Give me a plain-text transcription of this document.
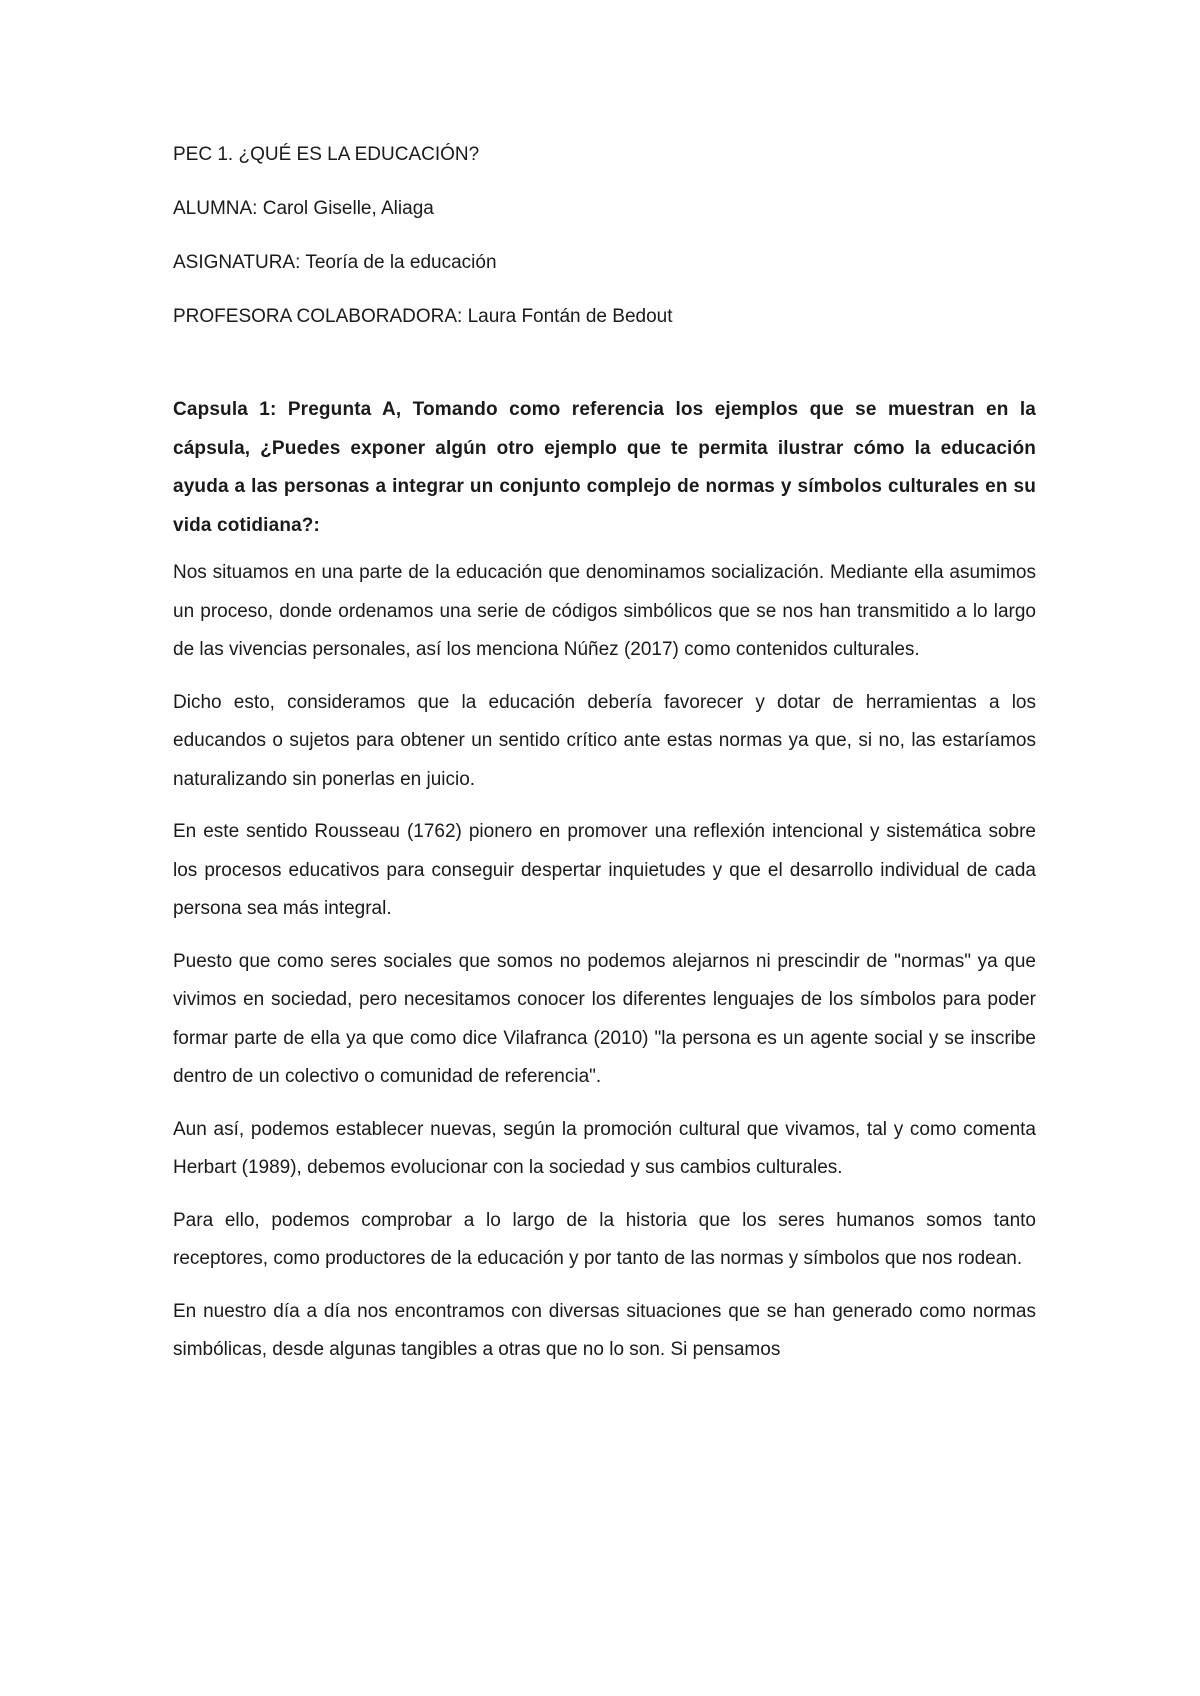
PEC 1. ¿QUÉ ES LA EDUCACIÓN?
ALUMNA: Carol Giselle, Aliaga
ASIGNATURA: Teoría de la educación
PROFESORA COLABORADORA: Laura Fontán de Bedout
Capsula 1: Pregunta A, Tomando como referencia los ejemplos que se muestran en la cápsula, ¿Puedes exponer algún otro ejemplo que te permita ilustrar cómo la educación ayuda a las personas a integrar un conjunto complejo de normas y símbolos culturales en su vida cotidiana?:

Nos situamos en una parte de la educación que denominamos socialización. Mediante ella asumimos un proceso, donde ordenamos una serie de códigos simbólicos que se nos han transmitido a lo largo de las vivencias personales, así los menciona Núñez (2017) como contenidos culturales.

Dicho esto, consideramos que la educación debería favorecer y dotar de herramientas a los educandos o sujetos para obtener un sentido crítico ante estas normas ya que, si no, las estaríamos naturalizando sin ponerlas en juicio.

En este sentido Rousseau (1762) pionero en promover una reflexión intencional y sistemática sobre los procesos educativos para conseguir despertar inquietudes y que el desarrollo individual de cada persona sea más integral.

Puesto que como seres sociales que somos no podemos alejarnos ni prescindir de "normas" ya que vivimos en sociedad, pero necesitamos conocer los diferentes lenguajes de los símbolos para poder formar parte de ella ya que como dice Vilafranca (2010) "la persona es un agente social y se inscribe dentro de un colectivo o comunidad de referencia".

Aun así, podemos establecer nuevas, según la promoción cultural que vivamos, tal y como comenta Herbart (1989), debemos evolucionar con la sociedad y sus cambios culturales.

Para ello, podemos comprobar a lo largo de la historia que los seres humanos somos tanto receptores, como productores de la educación y por tanto de las normas y símbolos que nos rodean.

En nuestro día a día nos encontramos con diversas situaciones que se han generado como normas simbólicas, desde algunas tangibles a otras que no lo son. Si pensamos
